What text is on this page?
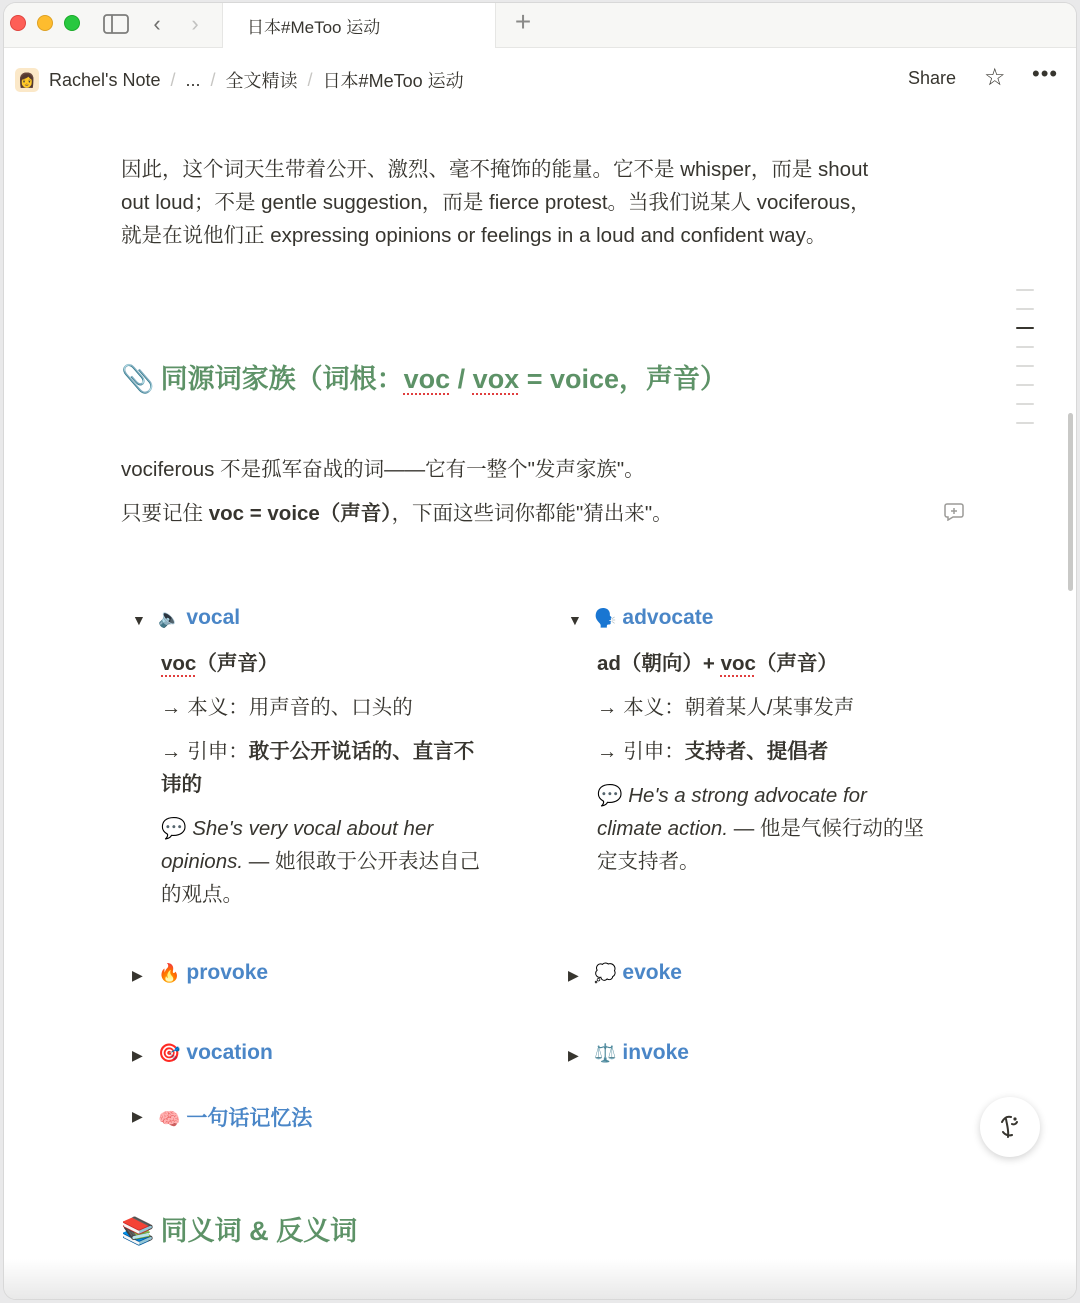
‹	›	日本#MeToo 运动	+
👩 Rachel's Note / ... / 全文精读 / 日本#MeToo 运动	Share ☆ •••

因此，这个词天生带着公开、激烈、毫不掩饰的能量。它不是 whisper，而是 shout out loud；不是 gentle suggestion，而是 fierce protest。当我们说某人 vociferous，就是在说他们正 expressing opinions or feelings in a loud and confident way。

📎 同源词家族（词根：voc / vox = voice，声音）

vociferous 不是孤军奋战的词——它有一整个"发声家族"。

只要记住 voc = voice（声音），下面这些词你都能"猜出来"。

▼ 🔈 vocal
voc（声音）
→ 本义：用声音的、口头的
→ 引申：敢于公开说话的、直言不讳的
💬 She's very vocal about her opinions. — 她很敢于公开表达自己的观点。
▼ 🗣️ advocate
ad（朝向）+ voc（声音）
→ 本义：朝着某人/某事发声
→ 引申：支持者、提倡者
💬 He's a strong advocate for climate action. — 他是气候行动的坚定支持者。
▶ 🔥 provoke	▶ 💭 evoke
▶ 🎯 vocation	▶ ⚖️ invoke
▶ 🧠 一句话记忆法
📚 同义词 & 反义词
